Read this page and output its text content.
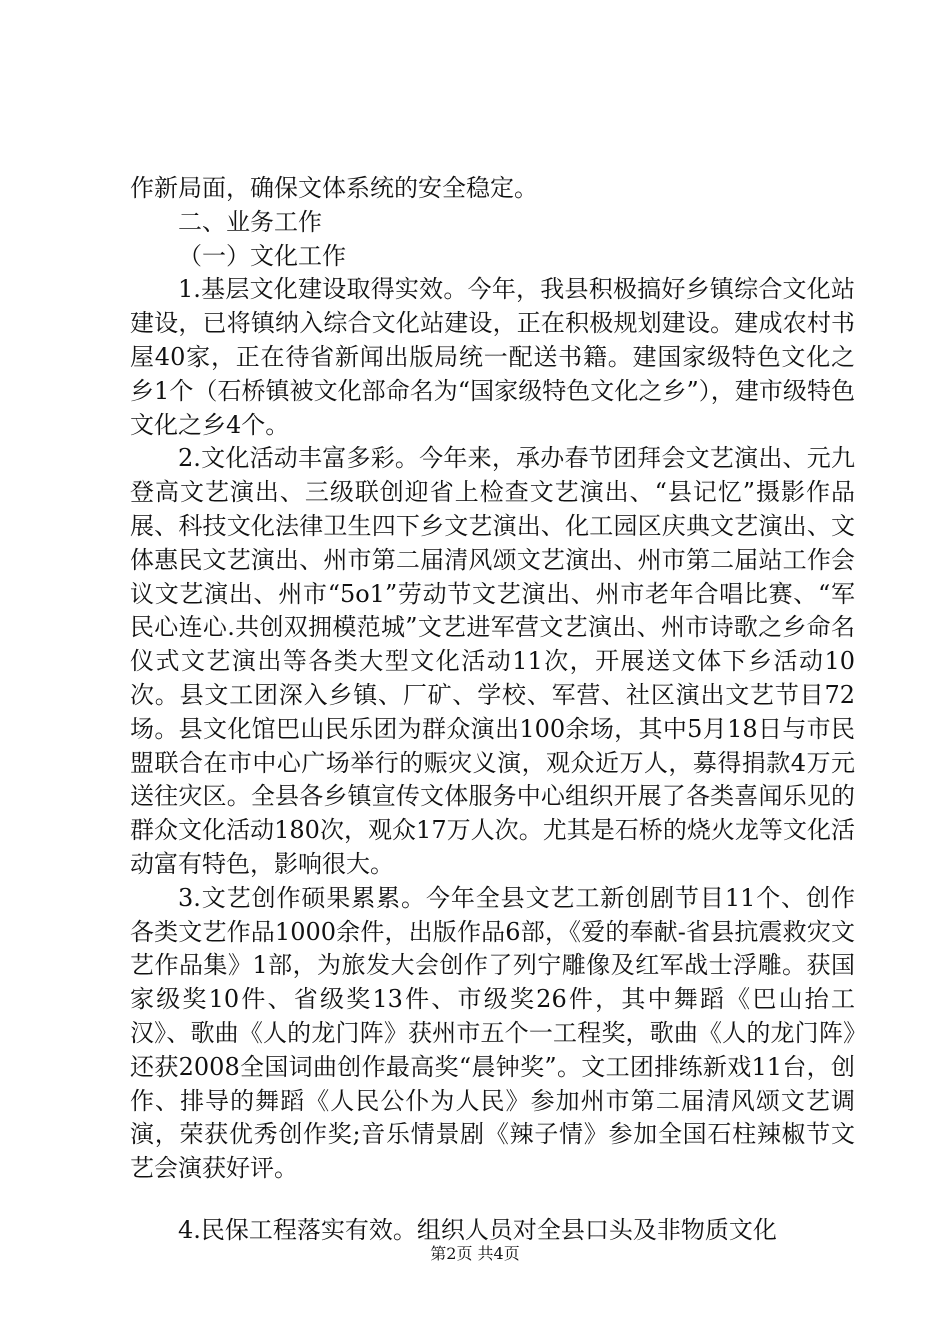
作新局面，确保文体系统的安全稳定。

二、业务工作

（一）文化工作

1.基层文化建设取得实效。今年，我县积极搞好乡镇综合文化站建设，已将镇纳入综合文化站建设，正在积极规划建设。建成农村书屋40家，正在待省新闻出版局统一配送书籍。建国家级特色文化之乡1个（石桥镇被文化部命名为“国家级特色文化之乡”），建市级特色文化之乡4个。

2.文化活动丰富多彩。今年来，承办春节团拜会文艺演出、元九登高文艺演出、三级联创迎省上检查文艺演出、“县记忆”摄影作品展、科技文化法律卫生四下乡文艺演出、化工园区庆典文艺演出、文体惠民文艺演出、州市第二届清风颂文艺演出、州市第二届站工作会议文艺演出、州市“5o1”劳动节文艺演出、州市老年合唱比赛、“军民心连心.共创双拥模范城”文艺进军营文艺演出、州市诗歌之乡命名仪式文艺演出等各类大型文化活动11次，开展送文体下乡活动10次。县文工团深入乡镇、厂矿、学校、军营、社区演出文艺节目72场。县文化馆巴山民乐团为群众演出100余场，其中5月18日与市民盟联合在市中心广场举行的赈灾义演，观众近万人，募得捐款4万元送往灾区。全县各乡镇宣传文体服务中心组织开展了各类喜闻乐见的群众文化活动180次，观众17万人次。尤其是石桥的烧火龙等文化活动富有特色，影响很大。

3.文艺创作硕果累累。今年全县文艺工新创剧节目11个、创作各类文艺作品1000余件，出版作品6部，《爱的奉献-省县抗震救灾文艺作品集》1部，为旅发大会创作了列宁雕像及红军战士浮雕。获国家级奖10件、省级奖13件、市级奖26件，其中舞蹈《巴山抬工汉》、歌曲《人的龙门阵》获州市五个一工程奖，歌曲《人的龙门阵》还获2008全国词曲创作最高奖“晨钟奖”。文工团排练新戏11台，创作、排导的舞蹈《人民公仆为人民》参加州市第二届清风颂文艺调演，荣获优秀创作奖;音乐情景剧《辣子情》参加全国石柱辣椒节文艺会演获好评。

4.民保工程落实有效。组织人员对全县口头及非物质文化

第2页 共4页
